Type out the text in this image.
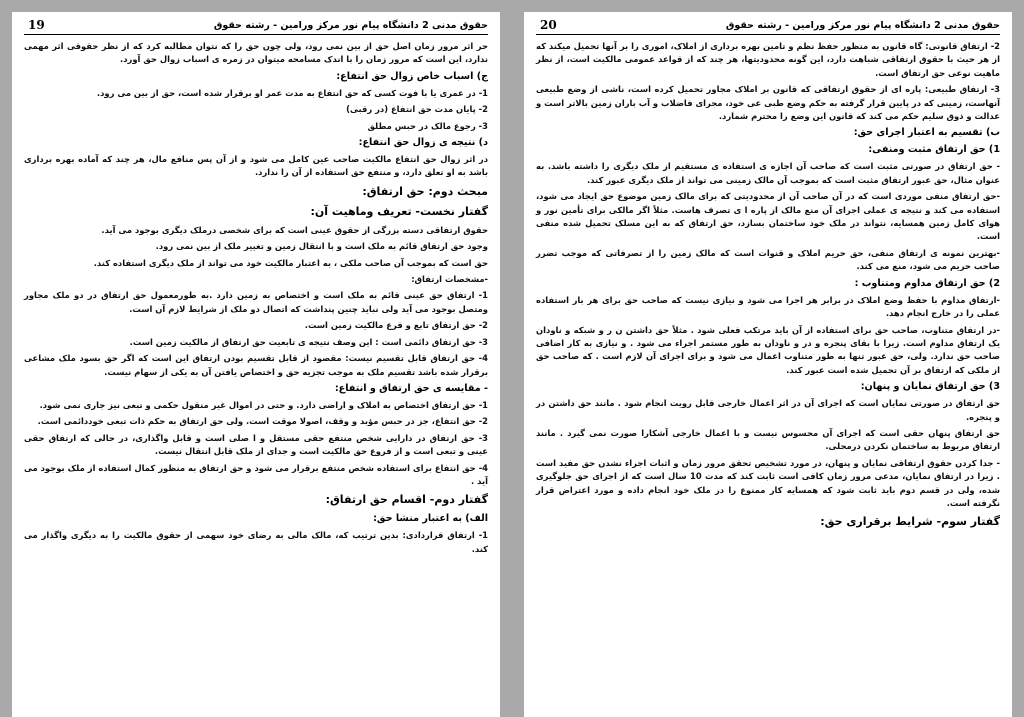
حقوق مدنی 2 دانشگاه پیام نور مرکز ورامین - رشته حقوق
19
حر اثر مرور زمان اصل حق از بین نمی رود، ولی چون حق را که نتوان مطالبه کرد که از نظر حقوقی اثر مهمی ندارد، این است که مرور زمان را با اندک مسامحه میتوان در زمره ی اسباب زوال حق آورد.
ج) اسباب خاص زوال حق انتفاع:
1- در عمری یا با فوت کسی که حق انتفاع به مدت عمر او برقرار شده است، حق از بین می رود.
2- پایان مدت حق انتفاع (در رقبی)
3- رجوع مالک در حبس مطلق
د) نتیجه ی زوال حق انتفاع:
در اثر زوال حق انتفاع مالکیت صاحب عین کامل می شود و از آن پس منافع مال، هر چند که آماده بهره برداری باشد به او تعلق دارد، و منتفع حق استفاده از آن را ندارد.
مبحث دوم: حق ارتفاق:
گفتار نخست- تعریف وماهیت آن:
حقوق ارتفاقی دسته بزرگی از حقوق عینی است که برای شخصی درملک دیگری بوجود می آید.
وجود حق ارتفاق قائم به ملک است و با انتقال زمین و تغییر ملک از بین نمی رود.
حق است که بموجب آن صاحب ملکی ، به اعتبار مالکیت خود می تواند از ملک دیگری استفاده کند.
-مشخصات ارتفاق:
1- ارتفاق حق عینی قائم به ملک است و اختصاص به زمین دارد .به طورمعمول حق ارتفاق در دو ملک مجاور ومتصل بوجود می آید ولی نباید چنین پنداشت که اتصال دو ملک از شرایط لازم آن است.
2- حق ارتفاق تابع و فرع مالکیت زمین است.
3- حق ارتفاق دائمی است : این وصف نتیجه ی تابعیت حق ارتفاق از مالکیت زمین است.
4- حق ارتفاق قابل تقسیم نیست: مقصود از قابل تقسیم بودن ارتفاق این است که اگر حق بسود ملک مشاعی برقرار شده باشد تقسیم ملک به موجب تجزیه حق و اختصاص یافتن آن به یکی از سهام نیست.
- مقایسه ی حق ارتفاق و انتفاع:
1- حق ارتفاق اختصاص به املاک و اراضی دارد. و حتی در اموال غیر منقول حکمی و تبعی نیز جاری نمی شود.
2- حق انتفاع، جز در حبس مؤبد و وقف، اصولا موقت است. ولی حق ارتفاق به حکم ذات تبعی خوددائمی است.
3- حق ارتفاق در دارایی شخص منتفع حقی مستقل و ا صلی است و قابل واگذاری، در حالی که ارتفاق حقی عینی و تبعی است و از فروع حق مالکیت است و جدای از ملک قابل انتقال نیست.
4- حق انتفاع برای استفاده شخص منتفع برقرار می شود و حق ارتفاق به منظور کمال استفاده از ملک بوجود می آید .
گفتار دوم- اقسام حق ارتفاق:
الف) به اعتبار منشا حق:
1- ارتفاق قراردادی: بدین ترتیب که، مالک مالی به رضای خود سهمی از حقوق مالکیت را به دیگری واگذار می کند.
حقوق مدنی 2 دانشگاه پیام نور مرکز ورامین - رشته حقوق
20
2- ارتفاق قانونی: گاه قانون به منظور حفظ نظم و تامین بهره برداری از املاک، اموری را بر آنها تحمیل میکند که از هر حیث با حقوق ارتفاقی شباهت دارد، این گونه محدودیتها، هر چند که از قواعد عمومی مالکیت است، از نظر ماهیت نوعی حق ارتفاق است.
3- ارتفاق طبیعی: پاره ای از حقوق ارتفاقی که قانون بر املاک مجاور تحمیل کرده است، ناشی از وضع طبیعی آنهاست، زمینی که در پایین قرار گرفته به حکم وضع طبی عی خود، مجرای فاضلاب و آب باران زمین بالاتر است و عدالت و ذوق سلیم حکم می کند که قانون این وضع را محترم شمارد.
ب) تقسیم به اعتبار اجرای حق:
1) حق ارتفاق مثبت ومنفی:
- حق ارتفاق در صورتی مثبت است که صاحب آن اجازه ی استفاده ی مستقیم از ملک دیگری را داشته باشد. به عنوان مثال، حق عبور ارتفاق مثبت است که بموجب آن مالک زمینی می تواند از ملک دیگری عبور کند.
-حق ارتفاق منفی موردی است که در آن صاحب آن از محدودیتی که برای مالک زمین موضوع حق ایجاد می شود، استفاده می کند و نتیجه ی عملی اجرای آن منع مالک از پاره ا ی تصرف هاست. مثلاً اگر مالکی برای تأمین نور و هوای کامل زمین همسایه، نتواند در ملک خود ساختمان بسازد، حق ارتفاق که به این مسلک تحمیل شده منفی است.
-بهترین نمونه ی ارتفاق منفی، حق حریم املاک و قنوات است که مالک زمین را از تصرفاتی که موجب تضرر صاحب حریم می شود، منع می کند.
2) حق ارتفاق مداوم ومتناوب :
-ارتفاق مداوم با حفظ وضع املاک در برابر هر اجرا می شود و نیازی نیست که صاحب حق برای هر بار استفاده عملی را در خارج انجام دهد.
-در ارتفاق متناوب، صاحب حق برای استفاده از آن باید مرتکب فعلی شود . مثلاً حق داشتن ن ر و شبکه و ناودان یک ارتفاق مداوم است. زیرا با بقای پنجره و در و ناودان به طور مستمر اجراء می شود . و نیازی به کار اضافی صاحب حق ندارد. ولی، حق عبور تنها به طور متناوب اعمال می شود و برای اجرای آن لازم است . که صاحب حق از ملکی که ارتفاق بر آن تحمیل شده است عبور کند.
3) حق ارتفاق نمایان و پنهان:
حق ارتفاق در صورتی نمایان است که اجرای آن در اثر اعمال خارجی قابل رویت انجام شود . مانند حق داشتن در و پنجره.
حق ارتفاق پنهان حقی است که اجرای آن محسوس نیست و با اعمال خارجی آشکارا صورت نمی گیرد . مانند ارتفاق مربوط به ساختمان نکردن درمحلی.
- جدا کردن حقوق ارتفاقی نمایان و پنهان، در مورد تشخیص تحقق مرور زمان و اثبات اجراء نشدن حق مفید است . زیرا در ارتفاق نمایان، مدعی مرور زمان کافی است ثابت کند که مدت 10 سال است که از اجرای حق جلوگیری شده، ولی در قسم دوم باید ثابت شود که همسایه کار ممنوع را در ملک خود انجام داده و مورد اعتراض قرار نگرفته است.
گفتار سوم- شرایط برقراری حق:
